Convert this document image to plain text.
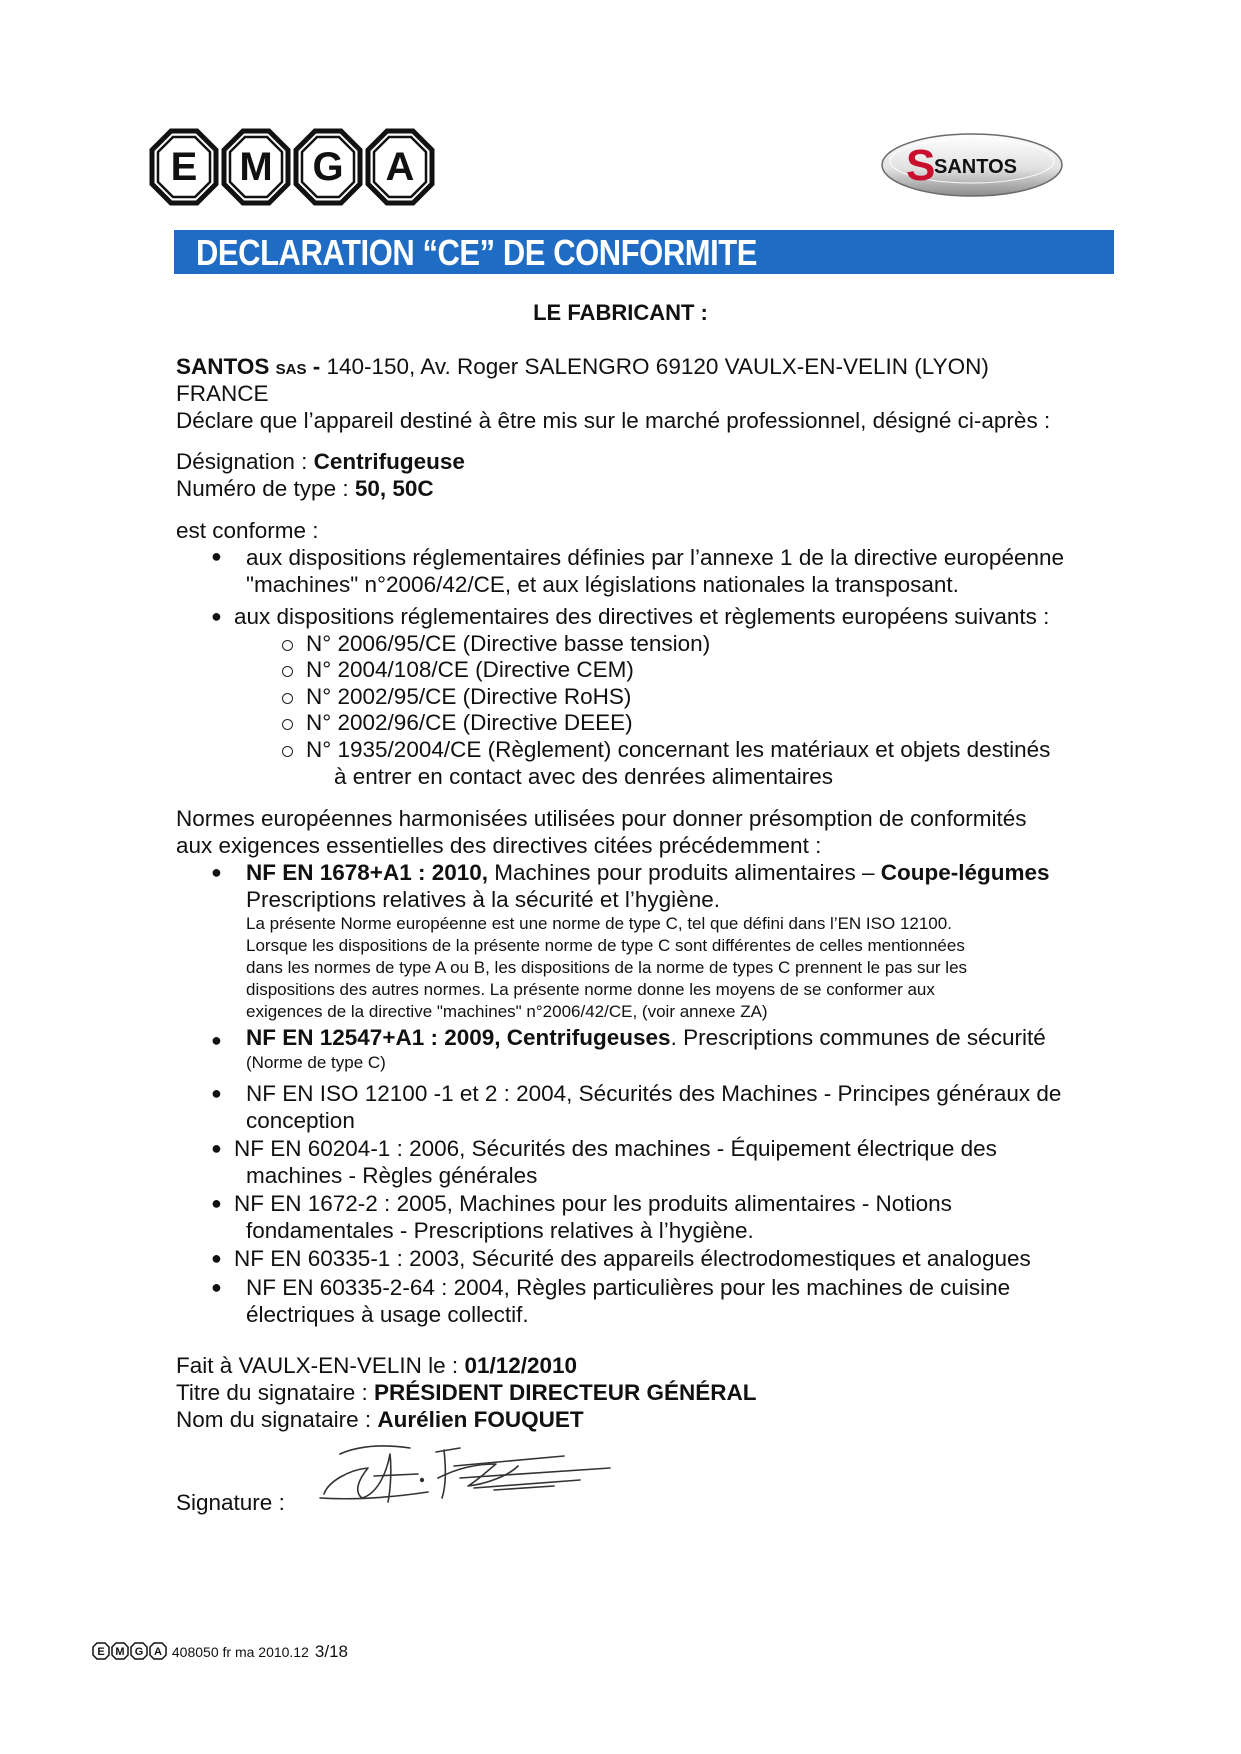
E M G A	S
SANTOS
DECLARATION “CE” DE CONFORMITE
LE FABRICANT :
SANTOS SAS - 140-150, Av. Roger SALENGRO 69120 VAULX-EN-VELIN (LYON)
FRANCE
Déclare que l’appareil destiné à être mis sur le marché professionnel, désigné ci-après :
Désignation : Centrifugeuse
Numéro de type : 50, 50C
est conforme :
● aux dispositions réglementaires définies par l’annexe 1 de la directive européenne
"machines" n°2006/42/CE, et aux législations nationales la transposant.
● aux dispositions réglementaires des directives et règlements européens suivants :
N° 2006/95/CE (Directive basse tension)
N° 2004/108/CE (Directive CEM)
N° 2002/95/CE (Directive RoHS)
N° 2002/96/CE (Directive DEEE)
N° 1935/2004/CE (Règlement) concernant les matériaux et objets destinés
à entrer en contact avec des denrées alimentaires
Normes européennes harmonisées utilisées pour donner présomption de conformités
aux exigences essentielles des directives citées précédemment :
● NF EN 1678+A1 : 2010, Machines pour produits alimentaires – Coupe-légumes
Prescriptions relatives à la sécurité et l’hygiène.
La présente Norme européenne est une norme de type C, tel que défini dans l’EN ISO 12100.
Lorsque les dispositions de la présente norme de type C sont différentes de celles mentionnées
dans les normes de type A ou B, les dispositions de la norme de types C prennent le pas sur les
dispositions des autres normes. La présente norme donne les moyens de se conformer aux
exigences de la directive "machines" n°2006/42/CE, (voir annexe ZA)
● NF EN 12547+A1 : 2009, Centrifugeuses. Prescriptions communes de sécurité
(Norme de type C)
● NF EN ISO 12100 -1 et 2 : 2004, Sécurités des Machines - Principes généraux de
conception
● NF EN 60204-1 : 2006, Sécurités des machines - Équipement électrique des
machines - Règles générales
● NF EN 1672-2 : 2005, Machines pour les produits alimentaires - Notions
fondamentales - Prescriptions relatives à l’hygiène.
● NF EN 60335-1 : 2003, Sécurité des appareils électrodomestiques et analogues
● NF EN 60335-2-64 : 2004, Règles particulières pour les machines de cuisine
électriques à usage collectif.
Fait à VAULX-EN-VELIN le : 01/12/2010
Titre du signataire : PRÉSIDENT DIRECTEUR GÉNÉRAL
Nom du signataire : Aurélien FOUQUET
Signature :
E M G A 408050 fr ma 2010.12 3/18
